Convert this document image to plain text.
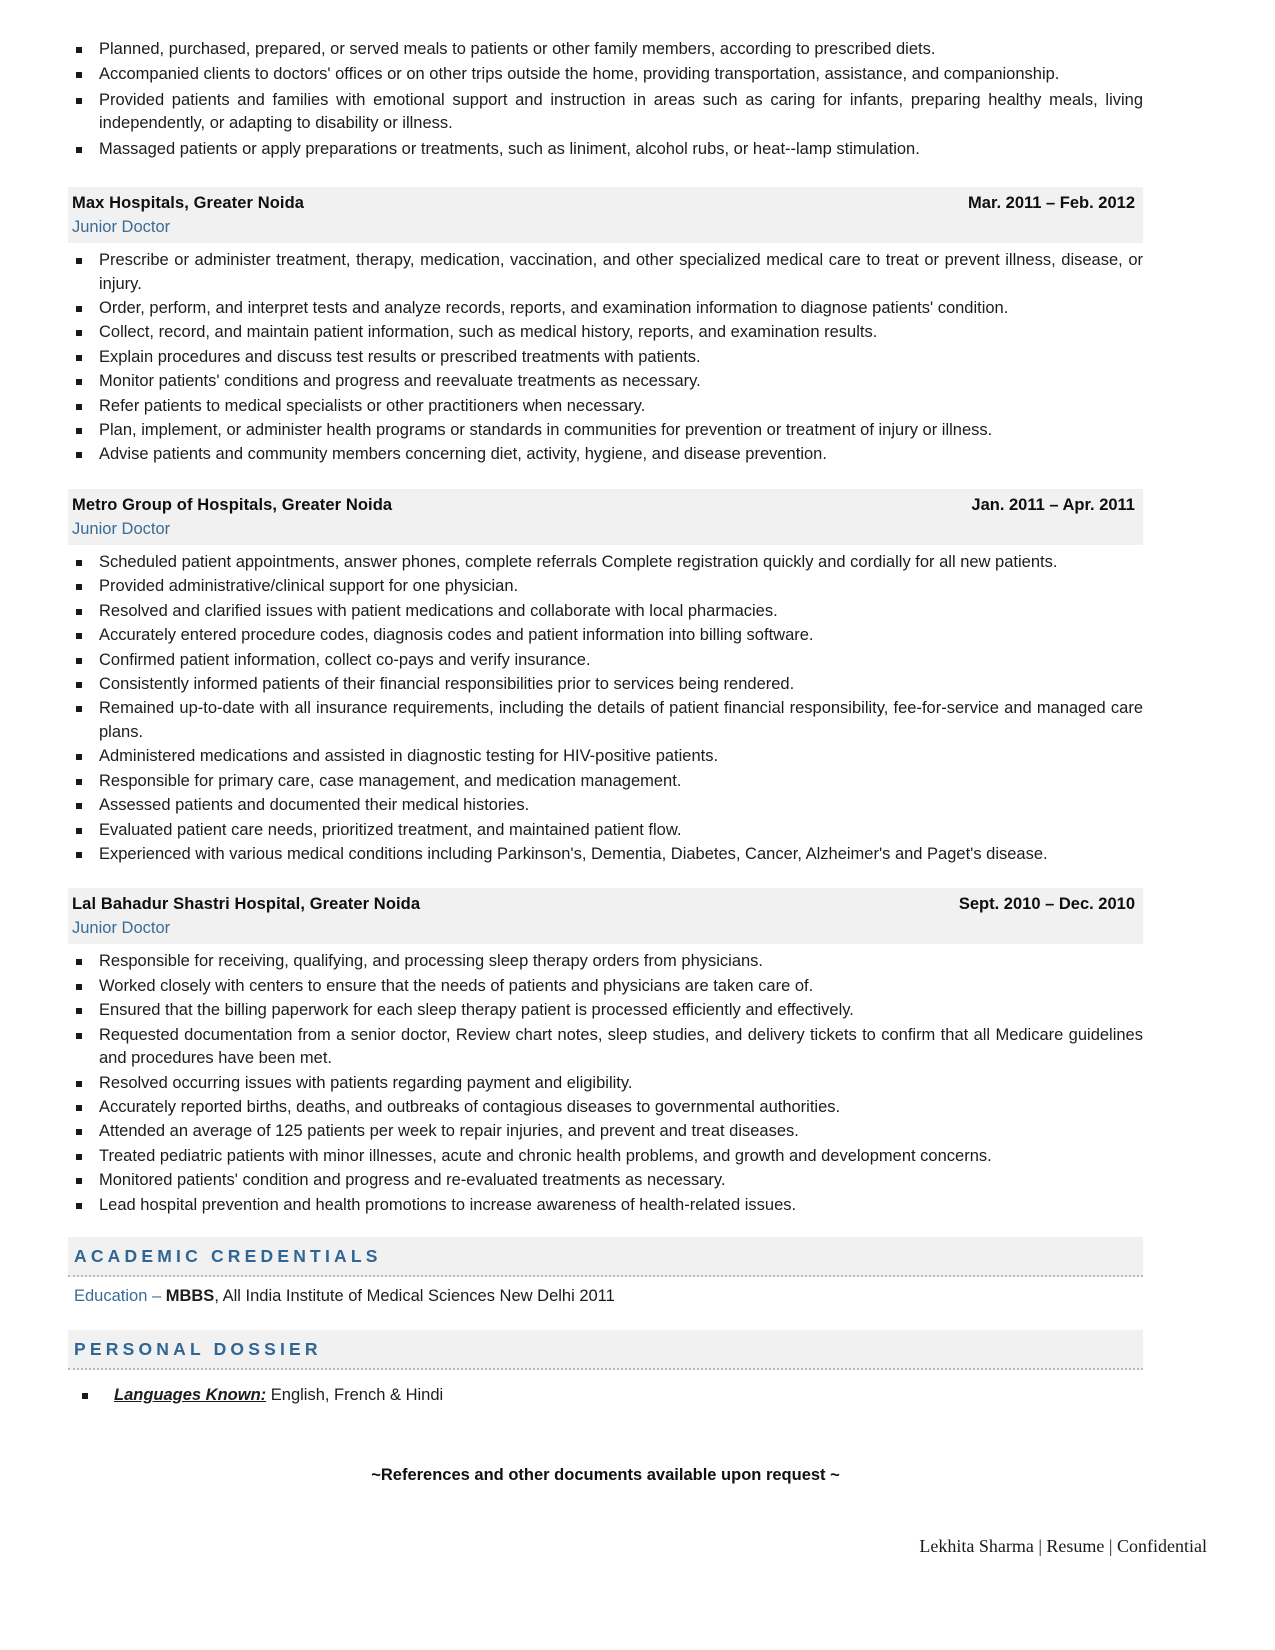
Planned, purchased, prepared, or served meals to patients or other family members, according to prescribed diets.
Accompanied clients to doctors' offices or on other trips outside the home, providing transportation, assistance, and companionship.
Provided patients and families with emotional support and instruction in areas such as caring for infants, preparing healthy meals, living independently, or adapting to disability or illness.
Massaged patients or apply preparations or treatments, such as liniment, alcohol rubs, or heat--lamp stimulation.
Max Hospitals, Greater Noida	Mar. 2011 – Feb. 2012
Junior Doctor
Prescribe or administer treatment, therapy, medication, vaccination, and other specialized medical care to treat or prevent illness, disease, or injury.
Order, perform, and interpret tests and analyze records, reports, and examination information to diagnose patients' condition.
Collect, record, and maintain patient information, such as medical history, reports, and examination results.
Explain procedures and discuss test results or prescribed treatments with patients.
Monitor patients' conditions and progress and reevaluate treatments as necessary.
Refer patients to medical specialists or other practitioners when necessary.
Plan, implement, or administer health programs or standards in communities for prevention or treatment of injury or illness.
Advise patients and community members concerning diet, activity, hygiene, and disease prevention.
Metro Group of Hospitals, Greater Noida	Jan. 2011 – Apr. 2011
Junior Doctor
Scheduled patient appointments, answer phones, complete referrals Complete registration quickly and cordially for all new patients.
Provided administrative/clinical support for one physician.
Resolved and clarified issues with patient medications and collaborate with local pharmacies.
Accurately entered procedure codes, diagnosis codes and patient information into billing software.
Confirmed patient information, collect co-pays and verify insurance.
Consistently informed patients of their financial responsibilities prior to services being rendered.
Remained up-to-date with all insurance requirements, including the details of patient financial responsibility, fee-for-service and managed care plans.
Administered medications and assisted in diagnostic testing for HIV-positive patients.
Responsible for primary care, case management, and medication management.
Assessed patients and documented their medical histories.
Evaluated patient care needs, prioritized treatment, and maintained patient flow.
Experienced with various medical conditions including Parkinson's, Dementia, Diabetes, Cancer, Alzheimer's and Paget's disease.
Lal Bahadur Shastri Hospital, Greater Noida	Sept. 2010 – Dec. 2010
Junior Doctor
Responsible for receiving, qualifying, and processing sleep therapy orders from physicians.
Worked closely with centers to ensure that the needs of patients and physicians are taken care of.
Ensured that the billing paperwork for each sleep therapy patient is processed efficiently and effectively.
Requested documentation from a senior doctor, Review chart notes, sleep studies, and delivery tickets to confirm that all Medicare guidelines and procedures have been met.
Resolved occurring issues with patients regarding payment and eligibility.
Accurately reported births, deaths, and outbreaks of contagious diseases to governmental authorities.
Attended an average of 125 patients per week to repair injuries, and prevent and treat diseases.
Treated pediatric patients with minor illnesses, acute and chronic health problems, and growth and development concerns.
Monitored patients' condition and progress and re-evaluated treatments as necessary.
Lead hospital prevention and health promotions to increase awareness of health-related issues.
ACADEMIC CREDENTIALS
Education – MBBS, All India Institute of Medical Sciences New Delhi 2011
PERSONAL DOSSIER
Languages Known: English, French & Hindi
~References and other documents available upon request ~
Lekhita Sharma | Resume | Confidential
